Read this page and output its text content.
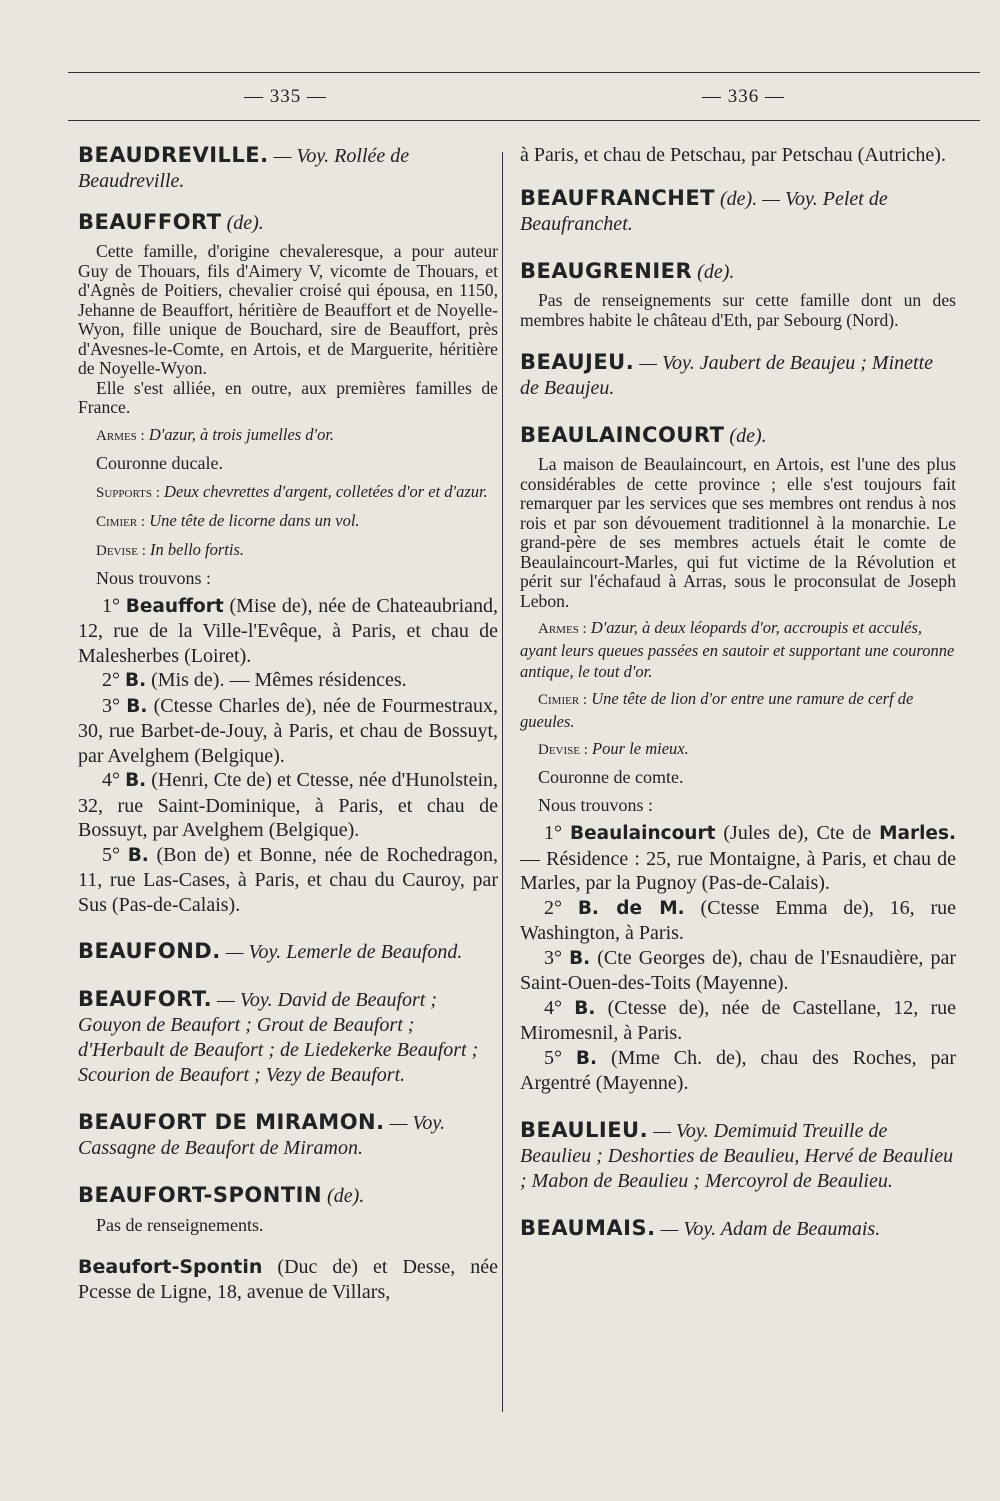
— 335 —	— 336 —

BEAUDREVILLE. — Voy. Rollée de Beaudreville.

BEAUFFORT (de).

Cette famille, d'origine chevaleresque, a pour auteur Guy de Thouars, fils d'Aimery V, vicomte de Thouars, et d'Agnès de Poitiers, chevalier croisé qui épousa, en 1150, Jehanne de Beauffort, héritière de Beauffort et de Noyelle-Wyon, fille unique de Bouchard, sire de Beauffort, près d'Avesnes-le-Comte, en Artois, et de Marguerite, héritière de Noyelle-Wyon.

Elle s'est alliée, en outre, aux premières familles de France.

Armes : D'azur, à trois jumelles d'or.

Couronne ducale.

Supports : Deux chevrettes d'argent, colletées d'or et d'azur.

Cimier : Une tête de licorne dans un vol.

Devise : In bello fortis.

Nous trouvons :

1° Beauffort (Mise de), née de Chateaubriand, 12, rue de la Ville-l'Evêque, à Paris, et chau de Malesherbes (Loiret).

2° B. (Mis de). — Mêmes résidences.

3° B. (Ctesse Charles de), née de Fourmestraux, 30, rue Barbet-de-Jouy, à Paris, et chau de Bossuyt, par Avelghem (Belgique).

4° B. (Henri, Cte de) et Ctesse, née d'Hunolstein, 32, rue Saint-Dominique, à Paris, et chau de Bossuyt, par Avelghem (Belgique).

5° B. (Bon de) et Bonne, née de Rochedragon, 11, rue Las-Cases, à Paris, et chau du Cauroy, par Sus (Pas-de-Calais).

BEAUFOND. — Voy. Lemerle de Beaufond.

BEAUFORT. — Voy. David de Beaufort ; Gouyon de Beaufort ; Grout de Beaufort ; d'Herbault de Beaufort ; de Liedekerke Beaufort ; Scourion de Beaufort ; Vezy de Beaufort.

BEAUFORT DE MIRAMON. — Voy. Cassagne de Beaufort de Miramon.

BEAUFORT-SPONTIN (de).

Pas de renseignements.

Beaufort-Spontin (Duc de) et Desse, née Pcesse de Ligne, 18, avenue de Villars,

à Paris, et chau de Petschau, par Petschau (Autriche).

BEAUFRANCHET (de). — Voy. Pelet de Beaufranchet.

BEAUGRENIER (de).

Pas de renseignements sur cette famille dont un des membres habite le château d'Eth, par Sebourg (Nord).

BEAUJEU. — Voy. Jaubert de Beaujeu ; Minette de Beaujeu.

BEAULAINCOURT (de).

La maison de Beaulaincourt, en Artois, est l'une des plus considérables de cette province ; elle s'est toujours fait remarquer par les services que ses membres ont rendus à nos rois et par son dévouement traditionnel à la monarchie. Le grand-père de ses membres actuels était le comte de Beaulaincourt-Marles, qui fut victime de la Révolution et périt sur l'échafaud à Arras, sous le proconsulat de Joseph Lebon.

Armes : D'azur, à deux léopards d'or, accroupis et acculés, ayant leurs queues passées en sautoir et supportant une couronne antique, le tout d'or.

Cimier : Une tête de lion d'or entre une ramure de cerf de gueules.

Devise : Pour le mieux.

Couronne de comte.

Nous trouvons :

1° Beaulaincourt (Jules de), Cte de Marles. — Résidence : 25, rue Montaigne, à Paris, et chau de Marles, par la Pugnoy (Pas-de-Calais).

2° B. de M. (Ctesse Emma de), 16, rue Washington, à Paris.

3° B. (Cte Georges de), chau de l'Esnaudière, par Saint-Ouen-des-Toits (Mayenne).

4° B. (Ctesse de), née de Castellane, 12, rue Miromesnil, à Paris.

5° B. (Mme Ch. de), chau des Roches, par Argentré (Mayenne).

BEAULIEU. — Voy. Demimuid Treuille de Beaulieu ; Deshorties de Beaulieu, Hervé de Beaulieu ; Mabon de Beaulieu ; Mercoyrol de Beaulieu.

BEAUMAIS. — Voy. Adam de Beaumais.
